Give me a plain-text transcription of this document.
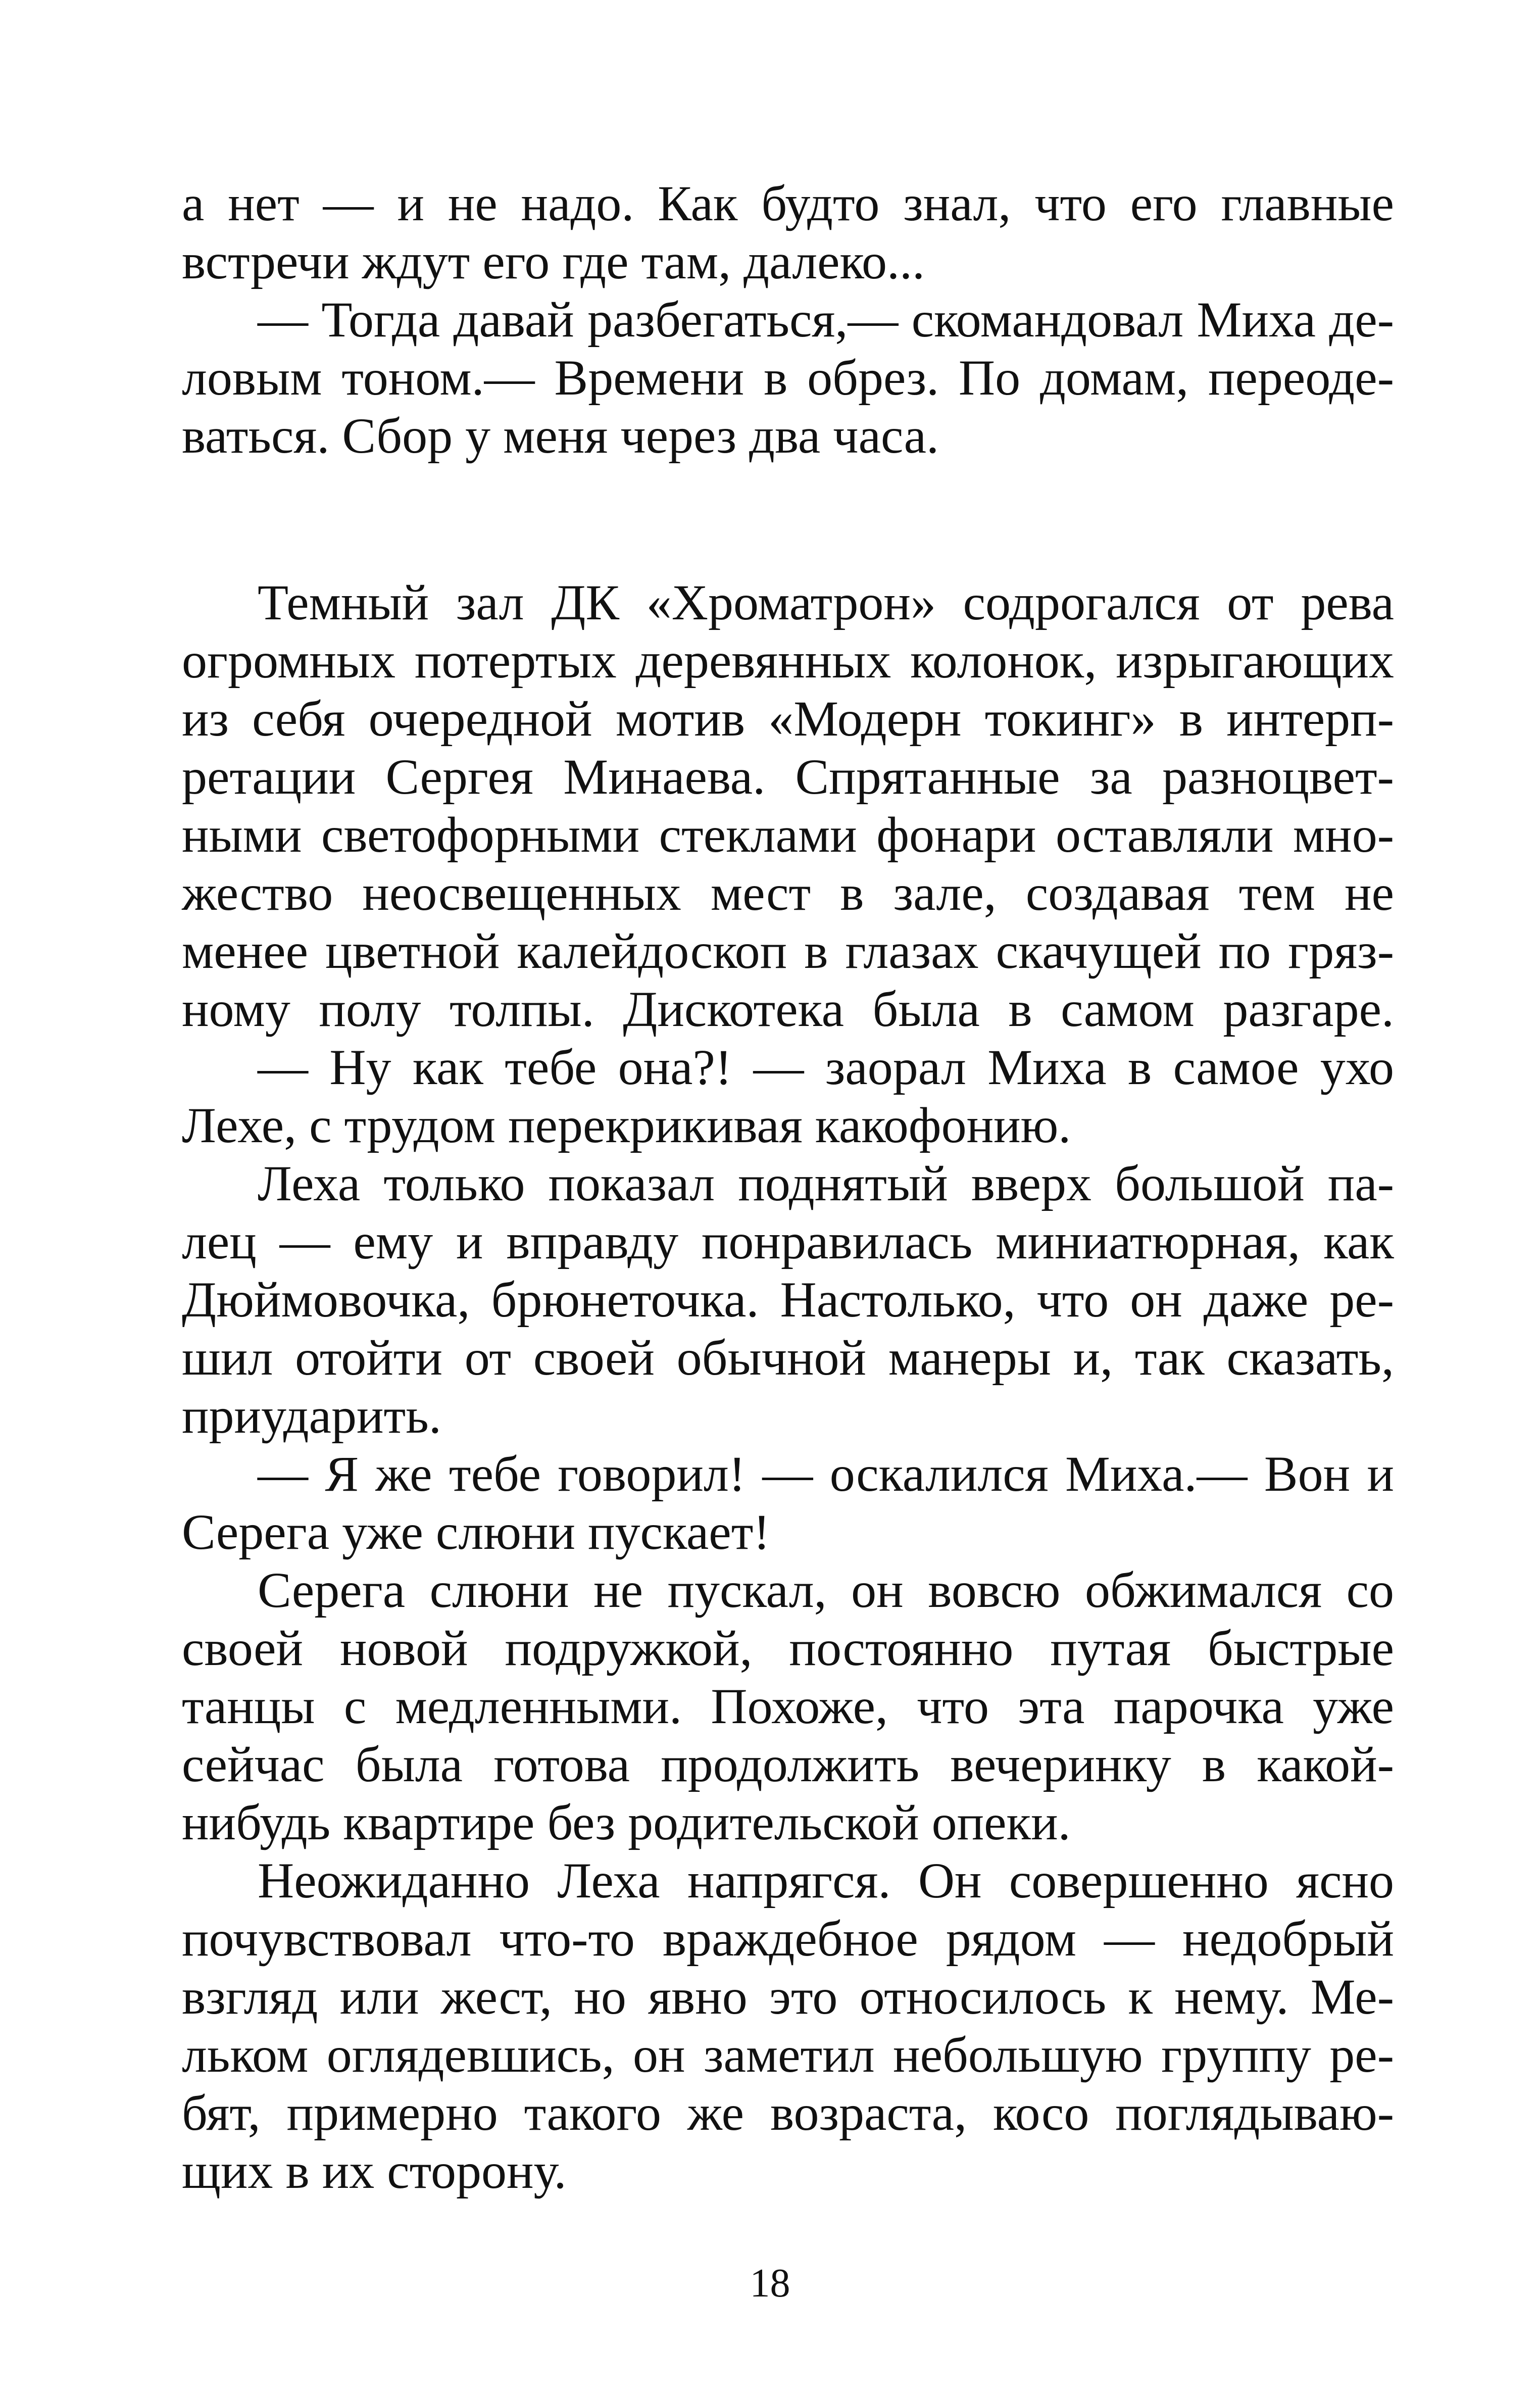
а нет — и не надо. Как будто знал, что его главные
встречи ждут его где там, далеко...
— Тогда давай разбегаться,— скомандовал Миха де-
ловым тоном.— Времени в обрез. По домам, переоде-
ваться. Сбор у меня через два часа.
Темный зал ДК «Хроматрон» содрогался от рева
огромных потертых деревянных колонок, изрыгающих
из себя очередной мотив «Модерн токинг» в интерп-
ретации Сергея Минаева. Спрятанные за разноцвет-
ными светофорными стеклами фонари оставляли мно-
жество неосвещенных мест в зале, создавая тем не
менее цветной калейдоскоп в глазах скачущей по гряз-
ному полу толпы. Дискотека была в самом разгаре.
— Ну как тебе она?! — заорал Миха в самое ухо
Лехе, с трудом перекрикивая какофонию.
Леха только показал поднятый вверх большой па-
лец — ему и вправду понравилась миниатюрная, как
Дюймовочка, брюнеточка. Настолько, что он даже ре-
шил отойти от своей обычной манеры и, так сказать,
приударить.
— Я же тебе говорил! — оскалился Миха.— Вон и
Серега уже слюни пускает!
Серега слюни не пускал, он вовсю обжимался со
своей новой подружкой, постоянно путая быстрые
танцы с медленными. Похоже, что эта парочка уже
сейчас была готова продолжить вечеринку в какой-
нибудь квартире без родительской опеки.
Неожиданно Леха напрягся. Он совершенно ясно
почувствовал что-то враждебное рядом — недобрый
взгляд или жест, но явно это относилось к нему. Ме-
льком оглядевшись, он заметил небольшую группу ре-
бят, примерно такого же возраста, косо поглядываю-
щих в их сторону.
18
